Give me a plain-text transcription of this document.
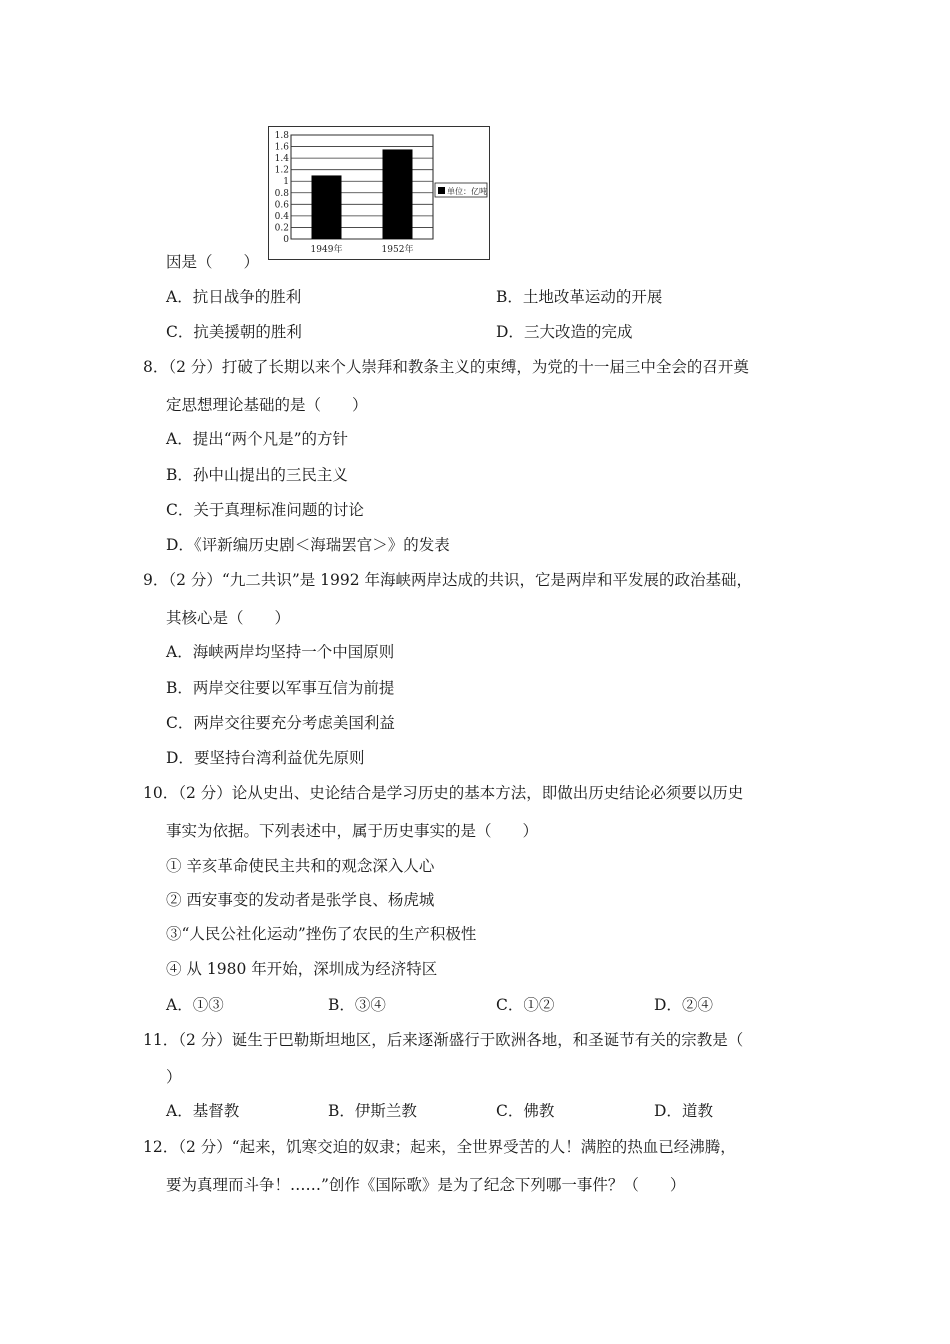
1.8
1.6
1.4
1.2
1
0.8
0.6
0.4
0.2
0
1949年	1952年
单位：亿吨
因是（　　）
A．抗日战争的胜利	B．土地改革运动的开展
C．抗美援朝的胜利	D．三大改造的完成
8．（2 分）打破了长期以来个人崇拜和教条主义的束缚，为党的十一届三中全会的召开奠
定思想理论基础的是（　　）
A．提出“两个凡是”的方针
B．孙中山提出的三民主义
C．关于真理标准问题的讨论
D．《评新编历史剧＜海瑞罢官＞》的发表
9．（2 分）“九二共识”是 1992 年海峡两岸达成的共识，它是两岸和平发展的政治基础，
其核心是（　　）
A．海峡两岸均坚持一个中国原则
B．两岸交往要以军事互信为前提
C．两岸交往要充分考虑美国利益
D．要坚持台湾利益优先原则
10．（2 分）论从史出、史论结合是学习历史的基本方法，即做出历史结论必须要以历史
事实为依据。下列表述中，属于历史事实的是（　　）
① 辛亥革命使民主共和的观念深入人心
② 西安事变的发动者是张学良、杨虎城
③“人民公社化运动”挫伤了农民的生产积极性
④ 从 1980 年开始，深圳成为经济特区
A．①③	B．③④	C．①②	D．②④
11．（2 分）诞生于巴勒斯坦地区，后来逐渐盛行于欧洲各地，和圣诞节有关的宗教是（
）
A．基督教	B．伊斯兰教	C．佛教	D．道教
12．（2 分）“起来，饥寒交迫的奴隶；起来，全世界受苦的人！满腔的热血已经沸腾，
要为真理而斗争！……”创作《国际歌》是为了纪念下列哪一事件？（　　）
